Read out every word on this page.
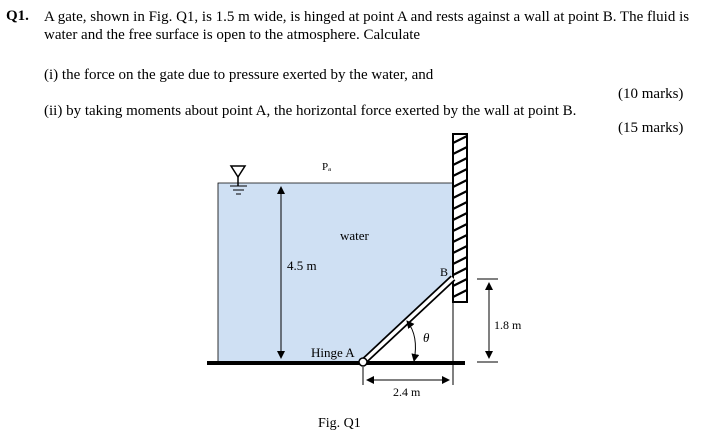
Q1. A gate, shown in Fig. Q1, is 1.5 m wide, is hinged at point A and rests against a wall at point B. The fluid is water and the free surface is open to the atmosphere. Calculate
(i) the force on the gate due to pressure exerted by the water, and
(10 marks)
(ii) by taking moments about point A, the horizontal force exerted by the wall at point B.
(15 marks)
Pₐ
water
4.5 m	B
Hinge A
θ
1.8 m
2.4 m
Fig. Q1
